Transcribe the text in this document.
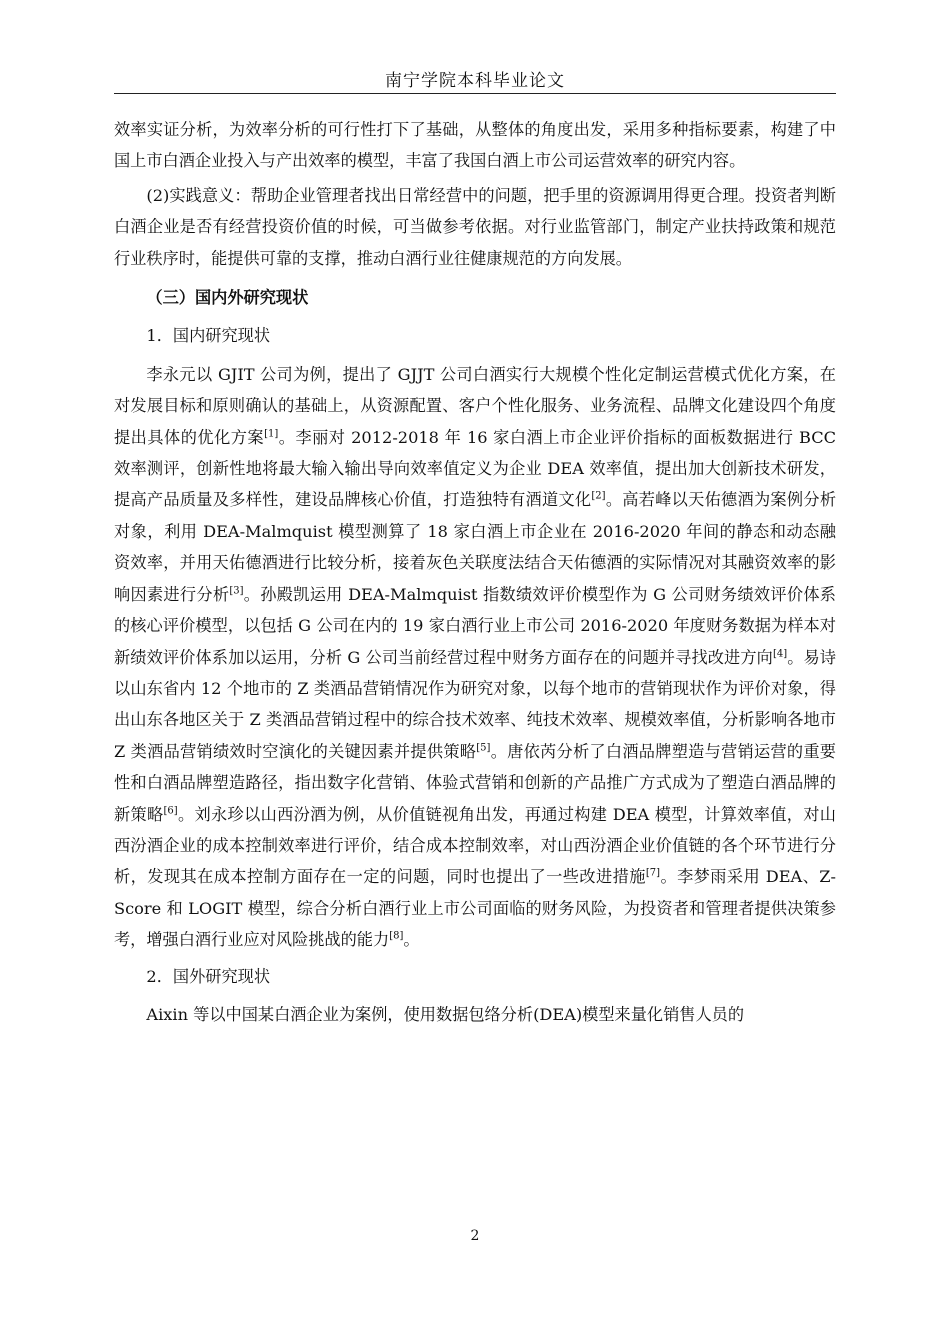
南宁学院本科毕业论文

效率实证分析，为效率分析的可行性打下了基础，从整体的角度出发，采用多种指标要素，构建了中国上市白酒企业投入与产出效率的模型，丰富了我国白酒上市公司运营效率的研究内容。

(2)实践意义：帮助企业管理者找出日常经营中的问题，把手里的资源调用得更合理。投资者判断白酒企业是否有经营投资价值的时候，可当做参考依据。对行业监管部门，制定产业扶持政策和规范行业秩序时，能提供可靠的支撑，推动白酒行业往健康规范的方向发展。

（三）国内外研究现状
1．国内研究现状

李永元以 GJIT 公司为例，提出了 GJJT 公司白酒实行大规模个性化定制运营模式优化方案，在对发展目标和原则确认的基础上，从资源配置、客户个性化服务、业务流程、品牌文化建设四个角度提出具体的优化方案[1]。李丽对 2012-2018 年 16 家白酒上市企业评价指标的面板数据进行 BCC 效率测评，创新性地将最大输入输出导向效率值定义为企业 DEA 效率值，提出加大创新技术研发，提高产品质量及多样性，建设品牌核心价值，打造独特有酒道文化[2]。高若峰以天佑德酒为案例分析对象，利用 DEA-Malmquist 模型测算了 18 家白酒上市企业在 2016-2020 年间的静态和动态融资效率，并用天佑德酒进行比较分析，接着灰色关联度法结合天佑德酒的实际情况对其融资效率的影响因素进行分析[3]。孙殿凯运用 DEA-Malmquist 指数绩效评价模型作为 G 公司财务绩效评价体系的核心评价模型，以包括 G 公司在内的 19 家白酒行业上市公司 2016-2020 年度财务数据为样本对新绩效评价体系加以运用，分析 G 公司当前经营过程中财务方面存在的问题并寻找改进方向[4]。易诗以山东省内 12 个地市的 Z 类酒品营销情况作为研究对象，以每个地市的营销现状作为评价对象，得出山东各地区关于 Z 类酒品营销过程中的综合技术效率、纯技术效率、规模效率值，分析影响各地市 Z 类酒品营销绩效时空演化的关键因素并提供策略[5]。唐依芮分析了白酒品牌塑造与营销运营的重要性和白酒品牌塑造路径，指出数字化营销、体验式营销和创新的产品推广方式成为了塑造白酒品牌的新策略[6]。刘永珍以山西汾酒为例，从价值链视角出发，再通过构建 DEA 模型，计算效率值，对山西汾酒企业的成本控制效率进行评价，结合成本控制效率，对山西汾酒企业价值链的各个环节进行分析，发现其在成本控制方面存在一定的问题，同时也提出了一些改进措施[7]。李梦雨采用 DEA、Z-Score 和 LOGIT 模型，综合分析白酒行业上市公司面临的财务风险，为投资者和管理者提供决策参考，增强白酒行业应对风险挑战的能力[8]。

2．国外研究现状

Aixin 等以中国某白酒企业为案例，使用数据包络分析(DEA)模型来量化销售人员的

2
